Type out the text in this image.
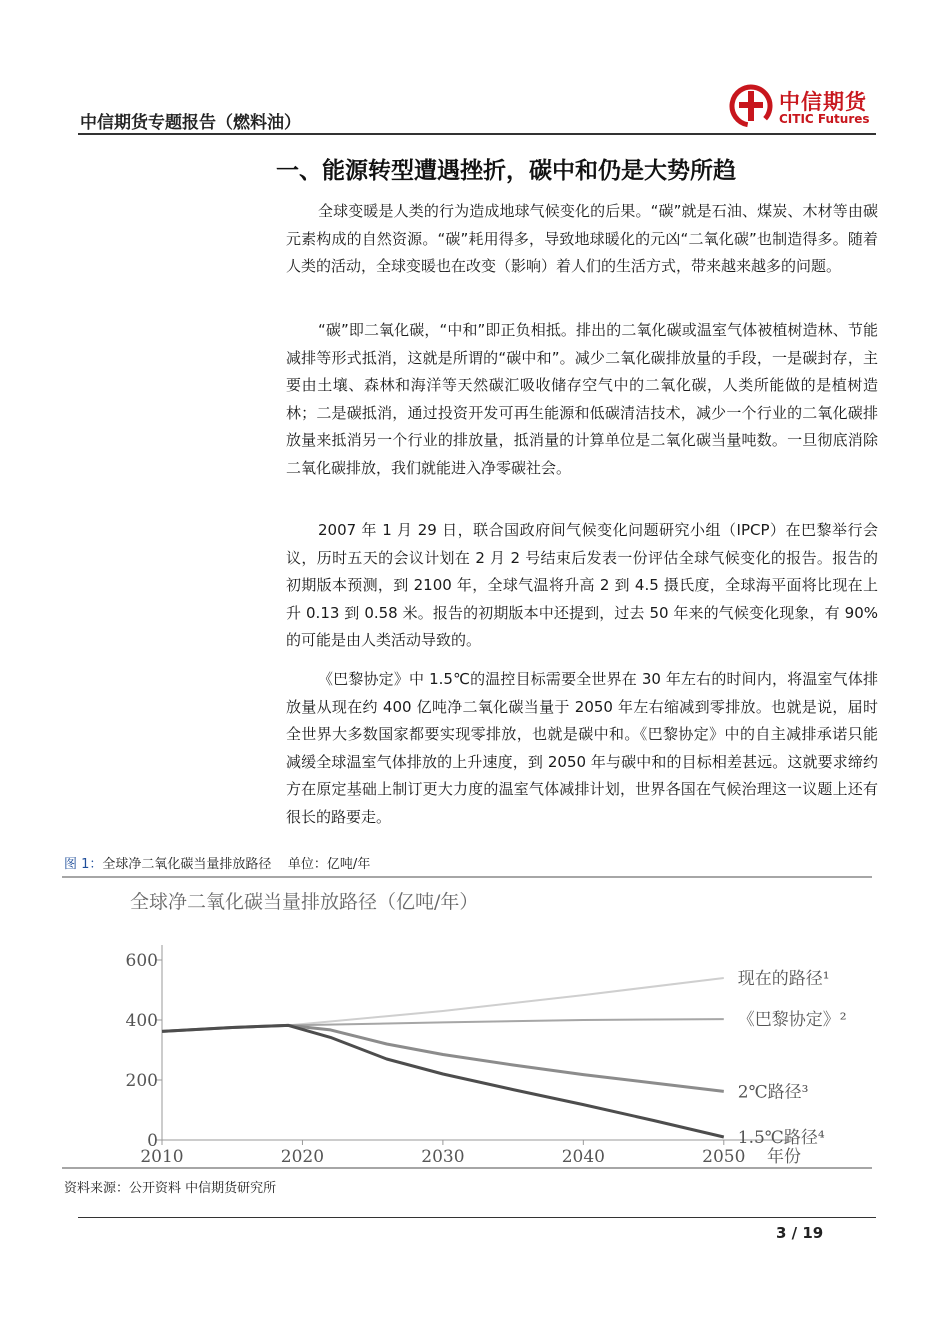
中信期货专题报告（燃料油）
中信期货
CITIC Futures
一、能源转型遭遇挫折，碳中和仍是大势所趋

全球变暖是人类的行为造成地球气候变化的后果。“碳”就是石油、煤炭、木材等由碳元素构成的自然资源。“碳”耗用得多，导致地球暖化的元凶“二氧化碳”也制造得多。随着人类的活动，全球变暖也在改变（影响）着人们的生活方式，带来越来越多的问题。

“碳”即二氧化碳，“中和”即正负相抵。排出的二氧化碳或温室气体被植树造林、节能减排等形式抵消，这就是所谓的“碳中和”。减少二氧化碳排放量的手段，一是碳封存，主要由土壤、森林和海洋等天然碳汇吸收储存空气中的二氧化碳，人类所能做的是植树造林；二是碳抵消，通过投资开发可再生能源和低碳清洁技术，减少一个行业的二氧化碳排放量来抵消另一个行业的排放量，抵消量的计算单位是二氧化碳当量吨数。一旦彻底消除二氧化碳排放，我们就能进入净零碳社会。

2007 年 1 月 29 日，联合国政府间气候变化问题研究小组（IPCP）在巴黎举行会议，历时五天的会议计划在 2 月 2 号结束后发表一份评估全球气候变化的报告。报告的初期版本预测，到 2100 年，全球气温将升高 2 到 4.5 摄氏度，全球海平面将比现在上升 0.13 到 0.58 米。报告的初期版本中还提到，过去 50 年来的气候变化现象，有 90%的可能是由人类活动导致的。

《巴黎协定》中 1.5℃的温控目标需要全世界在 30 年左右的时间内，将温室气体排放量从现在约 400 亿吨净二氧化碳当量于 2050 年左右缩减到零排放。也就是说，届时全世界大多数国家都要实现零排放，也就是碳中和。《巴黎协定》中的自主减排承诺只能减缓全球温室气体排放的上升速度，到 2050 年与碳中和的目标相差甚远。这就要求缔约方在原定基础上制订更大力度的温室气体减排计划，世界各国在气候治理这一议题上还有很长的路要走。

图 1：全球净二氧化碳当量排放路径    单位：亿吨/年
全球净二氧化碳当量排放路径（亿吨/年）
0
200
400
600
2010	2020	2030	2040	2050 年份
现在的路径¹
《巴黎协定》²
2℃路径³
1.5℃路径⁴
资料来源：公开资料 中信期货研究所
3 / 19
